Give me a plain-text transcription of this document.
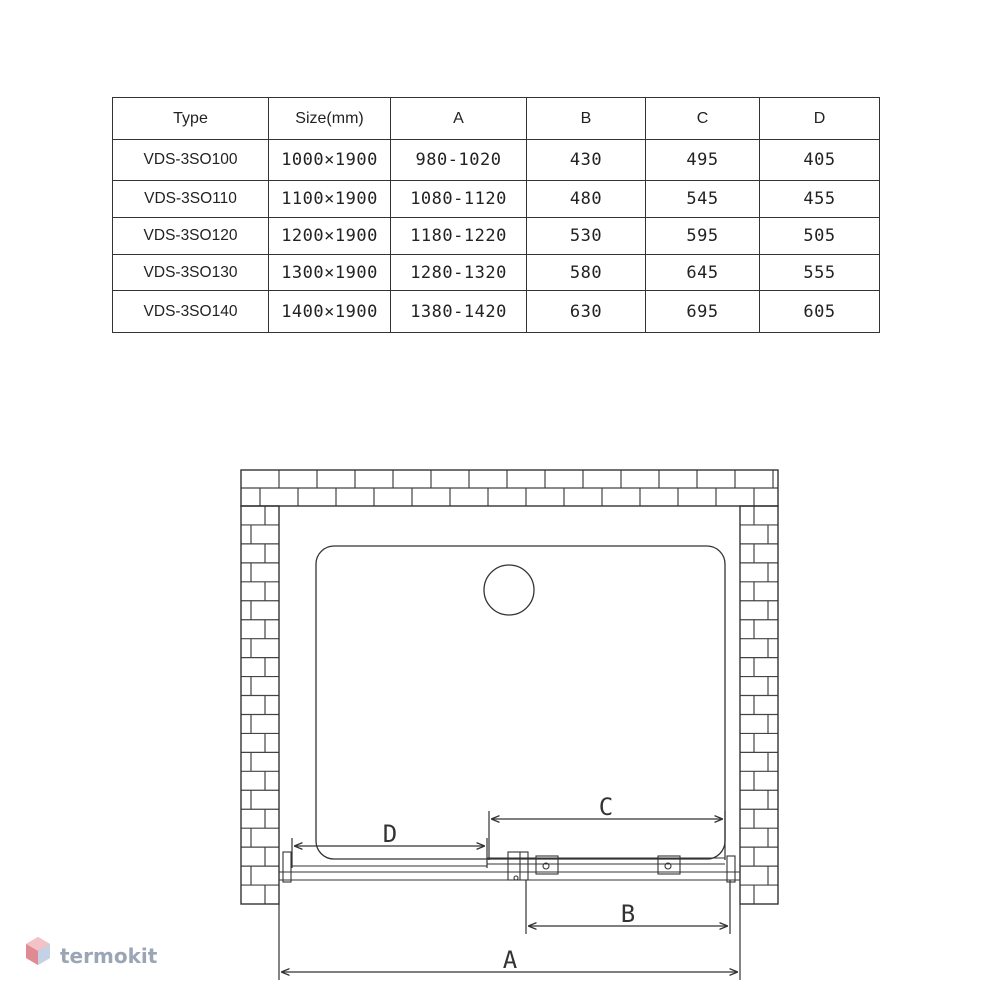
Type	Size(mm)	A	B	C	D
VDS-3SO100	1000×1900	980-1020	430	495	405
VDS-3SO110	1100×1900	1080-1120	480	545	455
VDS-3SO120	1200×1900	1180-1220	530	595	505
VDS-3SO130	1300×1900	1280-1320	580	645	555
VDS-3SO140	1400×1900	1380-1420	630	695	605
C
D
B
A
termokit
